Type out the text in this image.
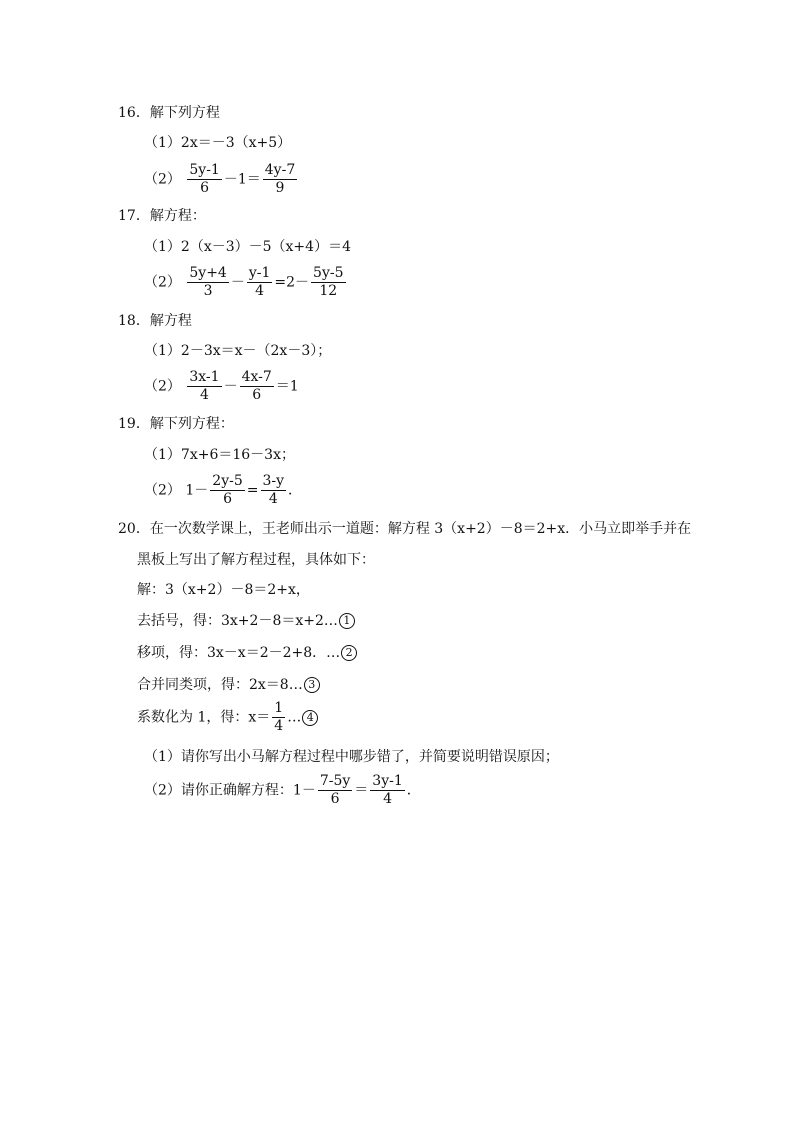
16．解下列方程
（1）2x＝－3（x+5）
$(2) \frac{5y-1}{6} -1= \frac{4y-7}{9}$
17．解方程：
（1）2（x－3）－5（x+4）＝4
$(2) \frac{5y+4}{3} - \frac{y-1}{4} =2- \frac{5y-5}{12}$
18．解方程
（1）2－3x＝x－（2x－3）；
$(2) \frac{3x-1}{4} - \frac{4x-7}{6} =1$
19．解下列方程：
（1）7x+6＝16－3x；
（2） $1- \frac{2y-5}{6} = \frac{3-y}{4}$ ．
20．在一次数学课上，王老师出示一道题：解方程 3（x+2）－8＝2+x．小马立即举手并在
黑板上写出了解方程过程，具体如下：
解：3（x+2）－8＝2+x，
去括号，得：3x+2－8＝x+2… 1
移项，得：3x－x＝2－2+8．… 2
合并同类项，得：2x＝8… 3
系数化为 1，得：$x= \frac{1}{4}$ … 4
（1）请你写出小马解方程过程中哪步错了，并简要说明错误原因；
（2）请你正确解方程：$1- \frac{7-5y}{6} = \frac{3y-1}{4}$ ．
